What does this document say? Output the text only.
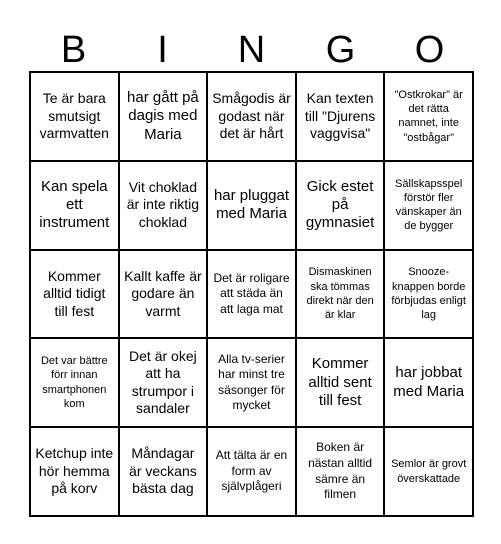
B	I	N	G	O
Te är bara smutsigt varmvatten
har gått på dagis med Maria
Smågodis är godast när det är hårt
Kan texten till "Djurens vaggvisa"
"Ostkrokar" är det rätta namnet, inte "ostbågar"
Kan spela ett instrument
Vit choklad är inte riktig choklad
har pluggat med Maria
Gick estet på gymnasiet
Sällskapsspel förstör fler vänskaper än de bygger
Kommer alltid tidigt till fest
Kallt kaffe är godare än varmt
Det är roligare att städa än att laga mat
Dismaskinen ska tömmas direkt när den är klar
Snooze-knappen borde förbjudas enligt lag
Det var bättre förr innan smartphonen kom
Det är okej att ha strumpor i sandaler
Alla tv-serier har minst tre säsonger för mycket
Kommer alltid sent till fest
har jobbat med Maria
Ketchup inte hör hemma på korv
Måndagar är veckans bästa dag
Att tälta är en form av självplågeri
Boken är nästan alltid sämre än filmen
Semlor är grovt överskattade
